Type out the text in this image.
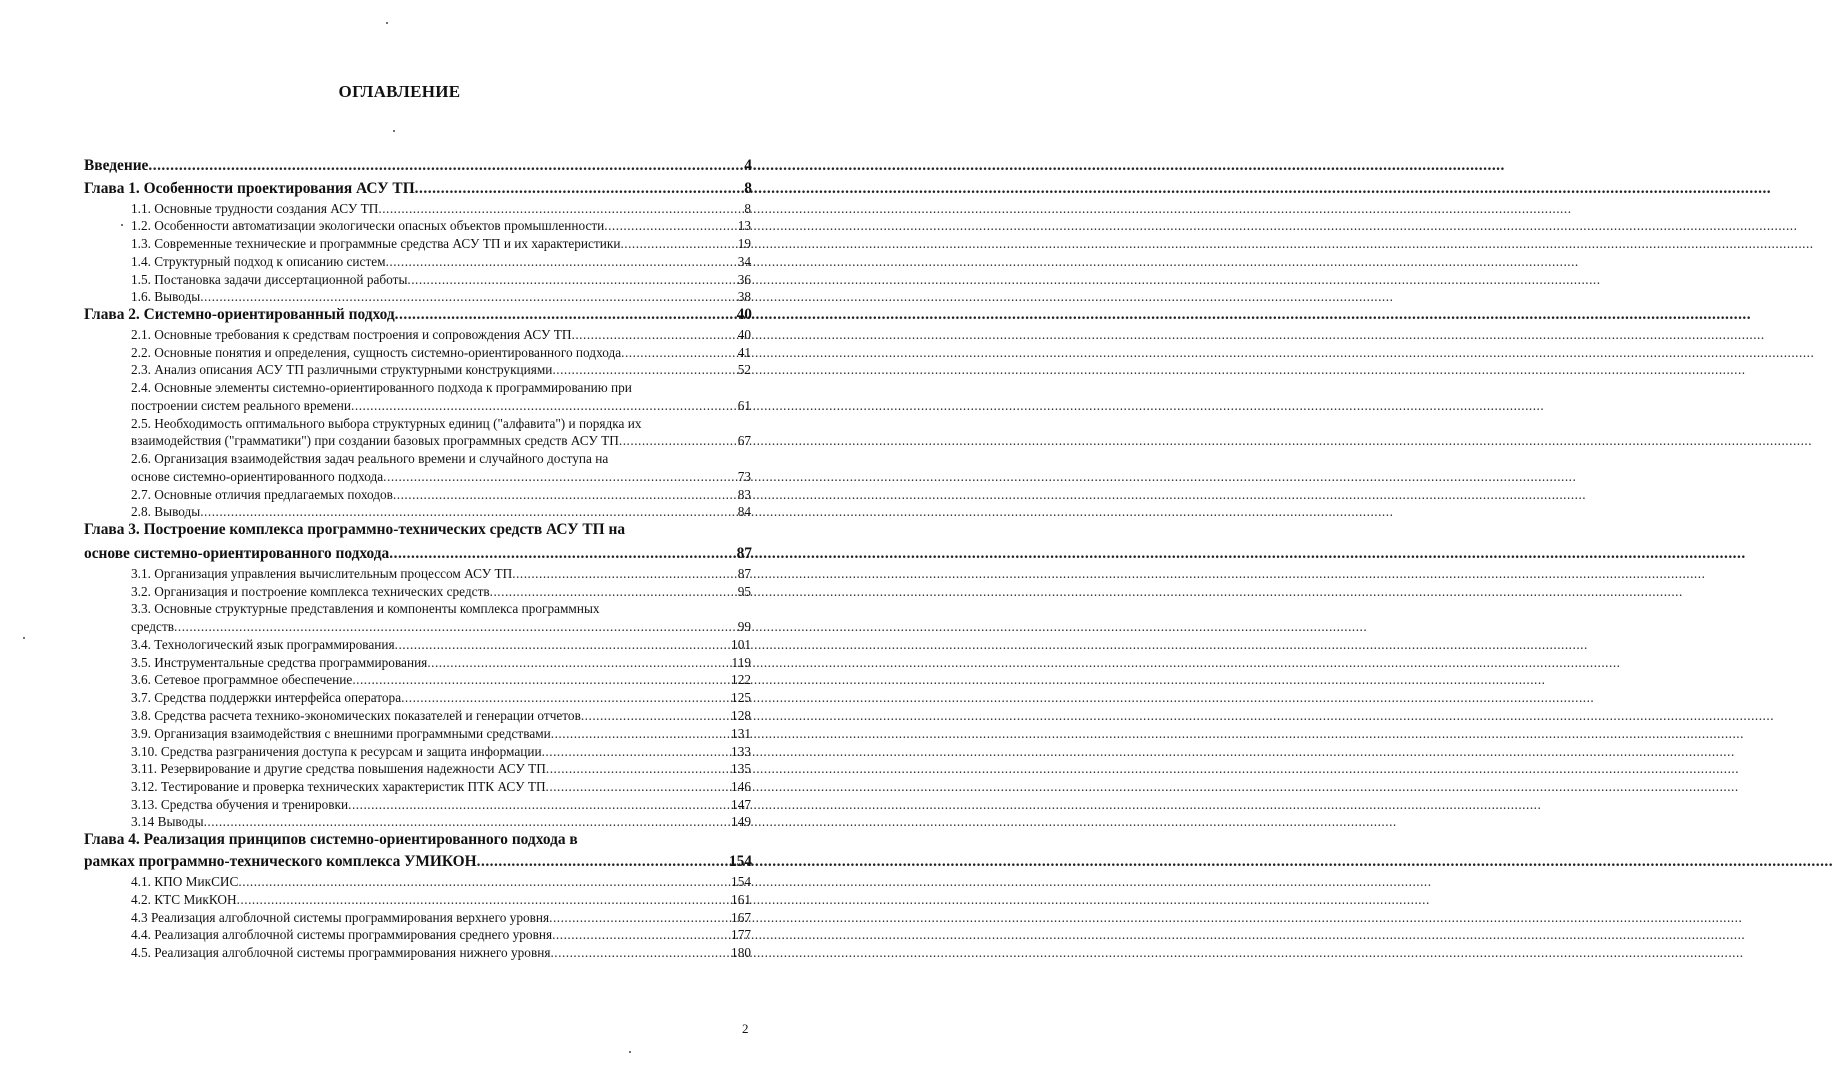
ОГЛАВЛЕНИЕ
Введение .....	4
Глава 1. Особенности проектирования АСУ ТП .....	8
1.1. Основные трудности создания АСУ ТП .....	8
1.2. Особенности автоматизации экологически опасных объектов промышленности .....	13
1.3. Современные технические и программные средства АСУ ТП и их характеристики .....	19
1.4. Структурный подход к описанию систем .....	34
1.5. Постановка задачи диссертационной работы .....	36
1.6. Выводы .....	38
Глава 2. Системно-ориентированный подход .....	40
2.1. Основные требования к средствам построения и сопровождения АСУ ТП .....	40
2.2. Основные понятия и определения, сущность системно-ориентированного подхода .....	41
2.3. Анализ описания АСУ ТП различными структурными конструкциями .....	52
2.4. Основные элементы системно-ориентированного подхода к программированию при
построении систем реального времени .....	61
2.5. Необходимость оптимального выбора структурных единиц ("алфавита") и порядка их
взаимодействия ("грамматики") при создании базовых программных средств АСУ ТП .....	67
2.6. Организация взаимодействия задач реального времени и случайного доступа на
основе системно-ориентированного подхода .....	73
2.7. Основные отличия предлагаемых походов .....	83
2.8. Выводы .....	84
Глава 3. Построение комплекса программно-технических средств АСУ ТП на
основе системно-ориентированного подхода .....	87
3.1. Организация управления вычислительным процессом АСУ ТП .....	87
3.2. Организация и построение комплекса технических средств .....	95
3.3. Основные структурные представления и компоненты комплекса программных
средств .....	99
3.4. Технологический язык программирования .....	101
3.5. Инструментальные средства программирования .....	119
3.6. Сетевое программное обеспечение .....	122
3.7. Средства поддержки интерфейса оператора .....	125
3.8. Средства расчета технико-экономических показателей и генерации отчетов .....	128
3.9. Организация взаимодействия с внешними программными средствами .....	131
3.10. Средства разграничения доступа к ресурсам и защита информации .....	133
3.11. Резервирование и другие средства повышения надежности АСУ ТП .....	135
3.12. Тестирование и проверка технических характеристик ПТК АСУ ТП .....	146
3.13. Средства обучения и тренировки .....	147
3.14 Выводы .....	149
Глава 4. Реализация принципов системно-ориентированного подхода в
рамках программно-технического комплекса УМИКОН .....	154
4.1. КПО МикСИС .....	154
4.2. КТС МикКОН .....	161
4.3 Реализация алгоблочной системы программирования верхнего уровня .....	167
4.4. Реализация алгоблочной системы программирования среднего уровня .....	177
4.5. Реализация алгоблочной системы программирования нижнего уровня .....	180
2
